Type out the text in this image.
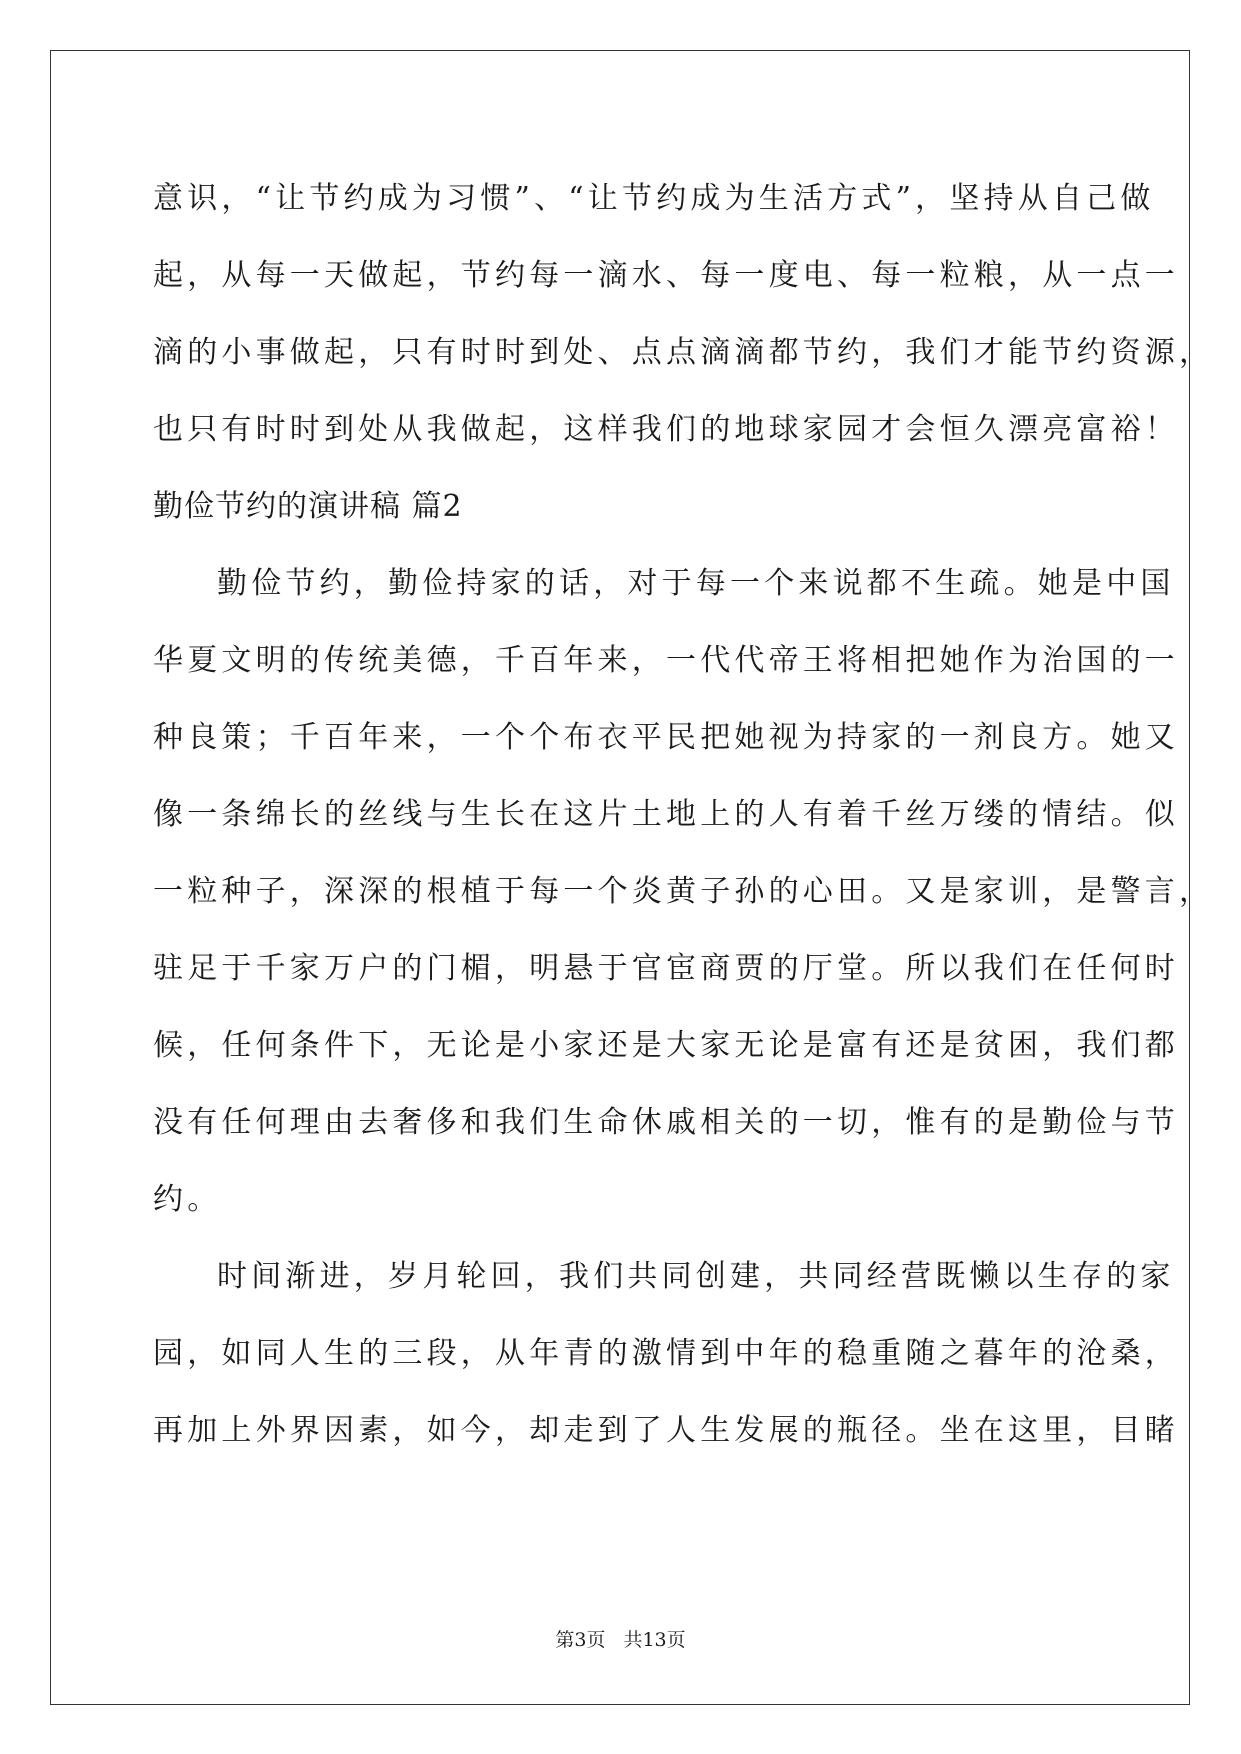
意识，“让节约成为习惯”、“让节约成为生活方式”，坚持从自己做
起，从每一天做起，节约每一滴水、每一度电、每一粒粮，从一点一
滴的小事做起，只有时时到处、点点滴滴都节约，我们才能节约资源，
也只有时时到处从我做起，这样我们的地球家园才会恒久漂亮富裕！
勤俭节约的演讲稿 篇2
勤俭节约，勤俭持家的话，对于每一个来说都不生疏。她是中国
华夏文明的传统美德，千百年来，一代代帝王将相把她作为治国的一
种良策；千百年来，一个个布衣平民把她视为持家的一剂良方。她又
像一条绵长的丝线与生长在这片土地上的人有着千丝万缕的情结。似
一粒种子，深深的根植于每一个炎黄子孙的心田。又是家训，是警言，
驻足于千家万户的门楣，明悬于官宦商贾的厅堂。所以我们在任何时
候，任何条件下，无论是小家还是大家无论是富有还是贫困，我们都
没有任何理由去奢侈和我们生命休戚相关的一切，惟有的是勤俭与节
约。
时间渐进，岁月轮回，我们共同创建，共同经营既懒以生存的家
园，如同人生的三段，从年青的激情到中年的稳重随之暮年的沧桑，
再加上外界因素，如今，却走到了人生发展的瓶径。坐在这里，目睹
第3页 共13页
